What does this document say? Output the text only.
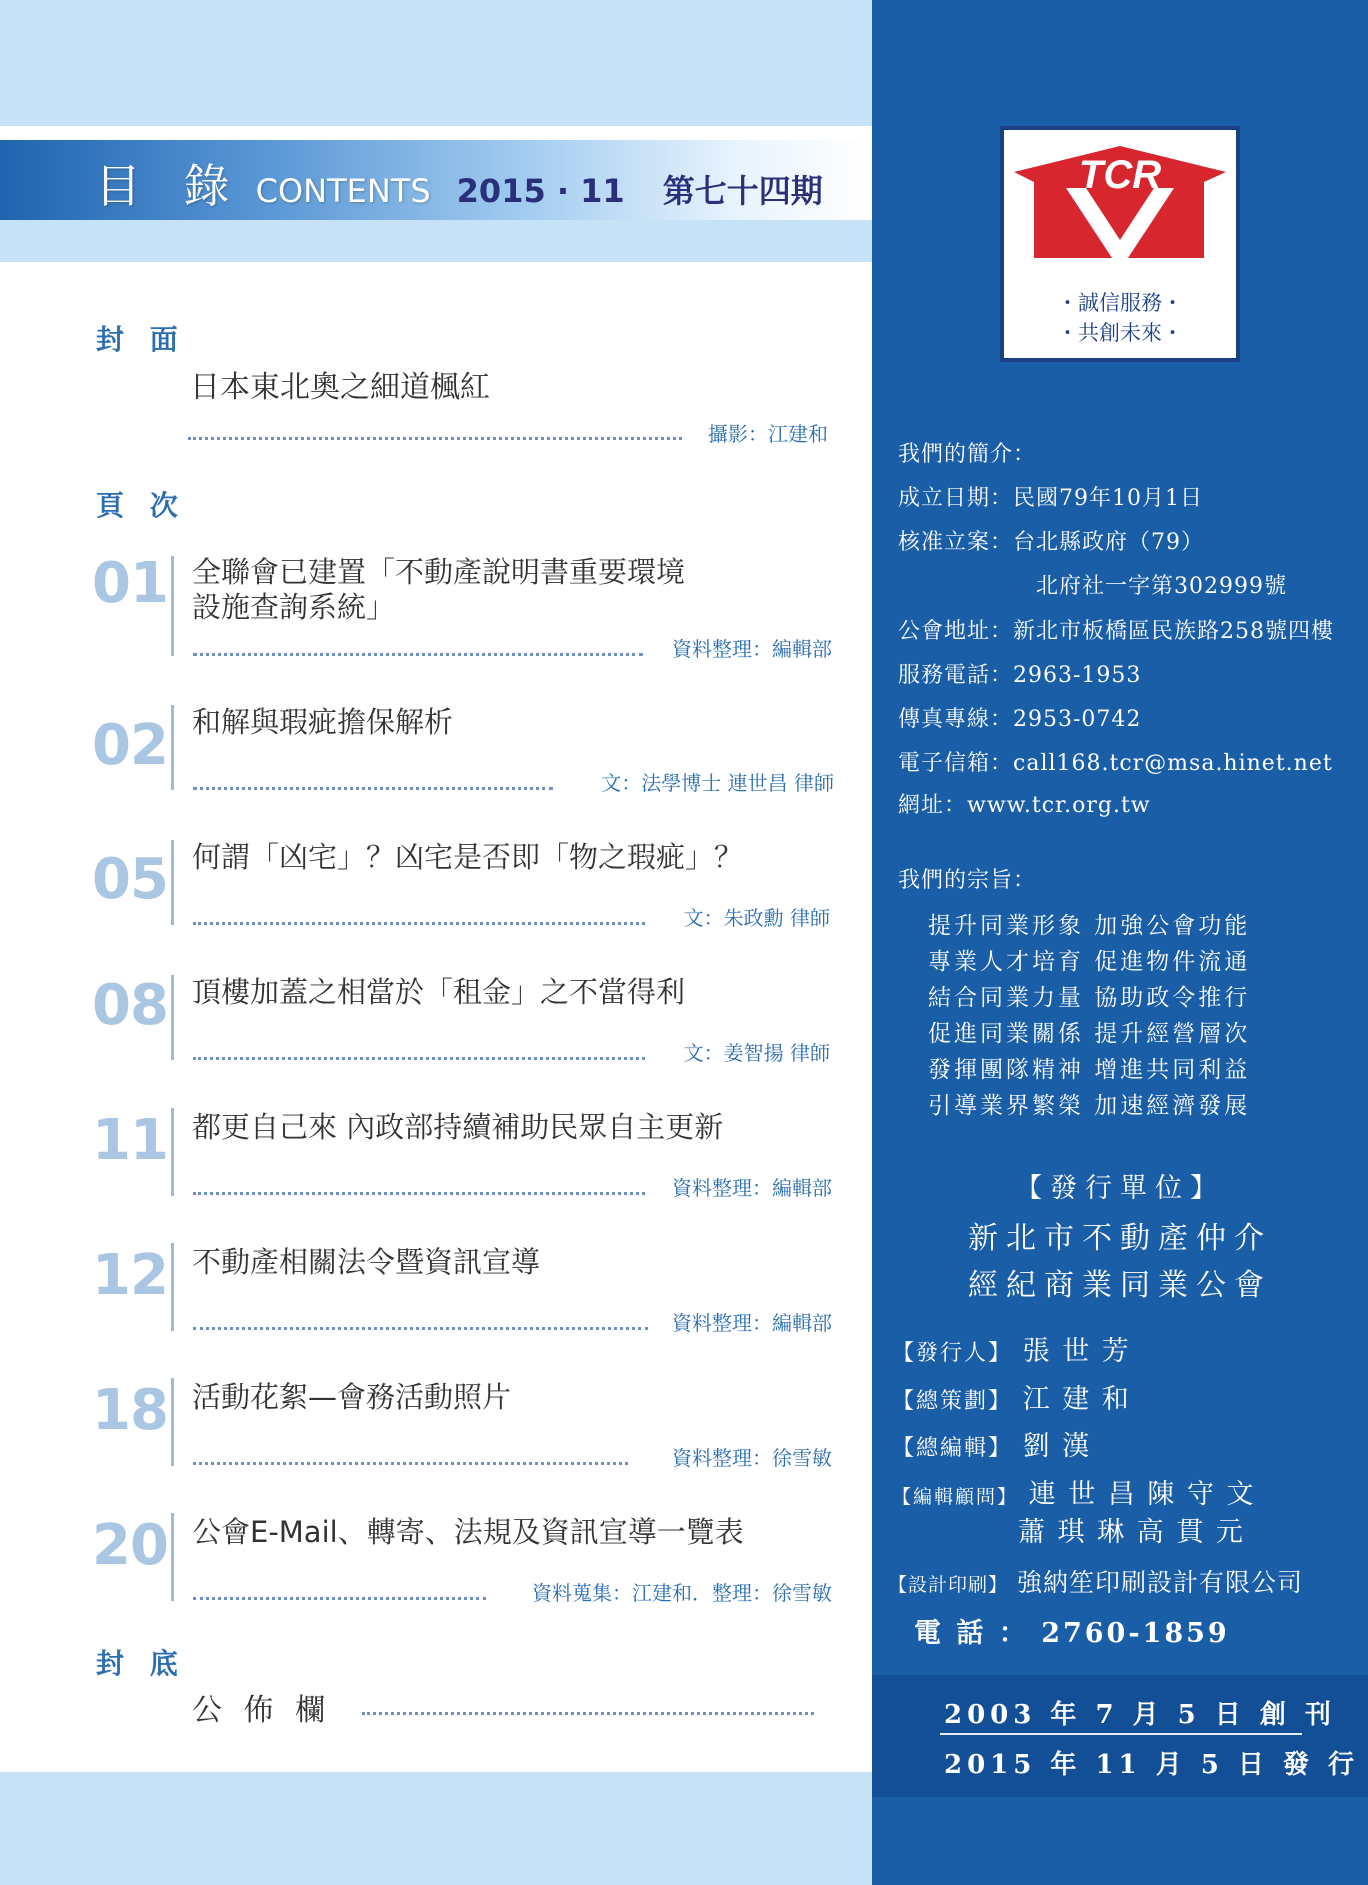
目 錄 CONTENTS 2015 · 11 第七十四期
封 面
日本東北奧之細道楓紅
攝影：江建和
頁 次
01 全聯會已建置「不動產說明書重要環境
設施查詢系統」
資料整理：編輯部
02 和解與瑕疵擔保解析
文：法學博士 連世昌 律師
05 何謂「凶宅」？凶宅是否即「物之瑕疵」？
文：朱政勳 律師
08 頂樓加蓋之相當於「租金」之不當得利
文：姜智揚 律師
11 都更自己來 內政部持續補助民眾自主更新
資料整理：編輯部
12 不動產相關法令暨資訊宣導
資料整理：編輯部
18 活動花絮—會務活動照片
資料整理：徐雪敏
20 公會E-Mail、轉寄、法規及資訊宣導一覽表
資料蒐集：江建和．整理：徐雪敏
封 底
公 佈 欄
TCR
・誠信服務・
・共創未來・
我們的簡介：
成立日期：民國79年10月1日
核准立案：台北縣政府（79）
北府社一字第302999號
公會地址：新北市板橋區民族路258號四樓
服務電話：2963-1953
傳真專線：2953-0742
電子信箱：call168.tcr@msa.hinet.net
網址：www.tcr.org.tw
我們的宗旨：
提升同業形象 加強公會功能
專業人才培育 促進物件流通
結合同業力量 協助政令推行
促進同業關係 提升經營層次
發揮團隊精神 增進共同利益
引導業界繁榮 加速經濟發展
【發行單位】
新北市不動產仲介
經紀商業同業公會
【發行人】 張 世 芳
【總策劃】 江 建 和
【總編輯】 劉 漢
【編輯顧問】 連 世 昌 陳 守 文
蕭 琪 琳 高 貫 元
【設計印刷】 強納笙印刷設計有限公司
電 話 ： 2760-1859
2003 年 7 月 5 日 創 刊
2015 年 11 月 5 日 發 行
